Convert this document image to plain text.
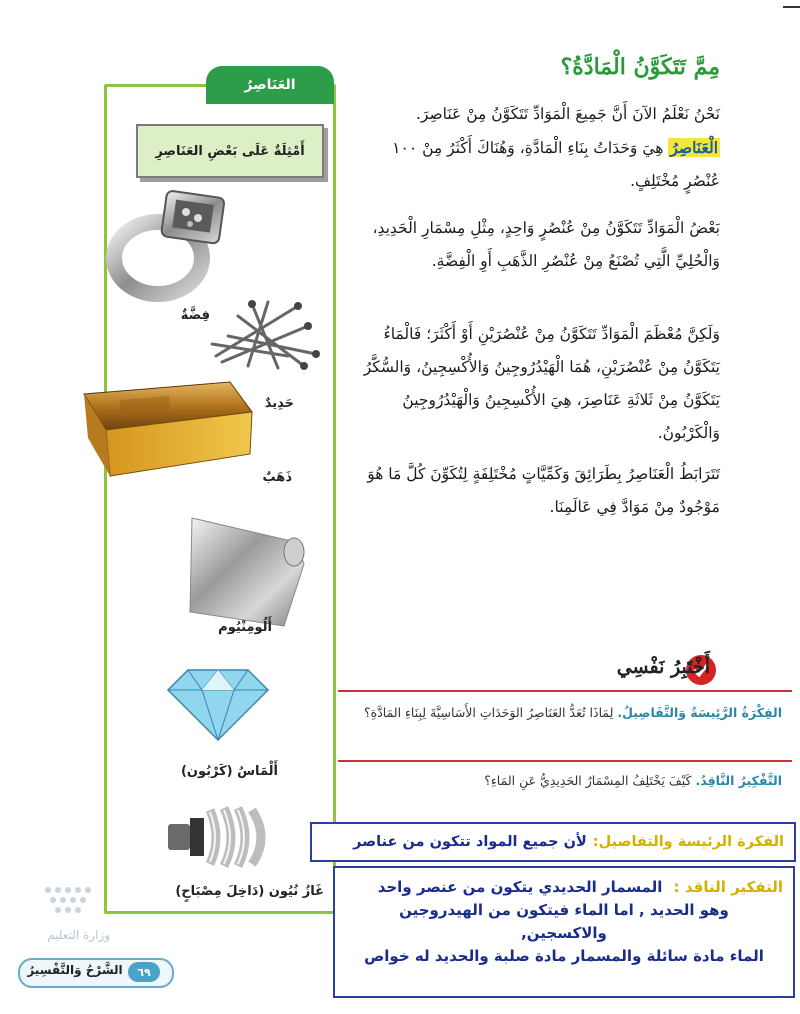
مِمَّ تَتَكَوَّنُ الْمَادَّةُ؟
نَحْنُ نَعْلَمُ الآنَ أَنَّ جَمِيعَ الْمَوَادِّ تَتَكَوَّنُ مِنْ عَنَاصِرَ. الْعَنَاصِرُ هِيَ وَحَدَاتُ بِنَاءِ الْمَادَّةِ، وَهُنَاكَ أَكْثَرُ مِنْ ١٠٠ عُنْصُرٍ مُخْتَلِفٍ.
بَعْضُ الْمَوَادِّ تَتَكَوَّنُ مِنْ عُنْصُرٍ وَاحِدٍ، مِثْلِ مِسْمَارِ الْحَدِيدِ، وَالْحُلِيِّ الَّتِي تُصْنَعُ مِنْ عُنْصُرِ الذَّهَبِ أَوِ الْفِضَّةِ.
وَلَكِنَّ مُعْظَمَ الْمَوَادِّ تَتَكَوَّنُ مِنْ عُنْصُرَيْنِ أَوْ أَكْثَرَ؛ فَالْمَاءُ يَتَكَوَّنُ مِنْ عُنْصُرَيْنِ، هُمَا الْهَيْدُرُوجِينُ وَالأُكْسِجِينُ، وَالسُّكَّرُ يَتَكَوَّنُ مِنْ ثَلاثَةِ عَنَاصِرَ، هِيَ الأُكْسِجِينُ وَالْهَيْدُرُوجِينُ وَالْكَرْبُونُ.
تَتَرَابَطُ الْعَنَاصِرُ بِطَرَائِقَ وَكَمِّيَّاتٍ مُخْتَلِفَةٍ لِتُكَوِّنَ كُلَّ مَا هُوَ مَوْجُودٌ مِنْ مَوَادَّ فِي عَالَمِنَا.
العَنَاصِرُ
أَمْثِلَةٌ عَلَى بَعْضِ العَنَاصِرِ
فِضَّةٌ
حَدِيدٌ
ذَهَبٌ
أَلُومِنْيُوم
أَلْمَاسُ (كَرْبُون)
غَازُ نُيُون (دَاخِلَ مِصْبَاحٍ)
أَخْتَبِرُ نَفْسِي
الفِكْرَةُ الرَّئِيسَةُ وَالتَّفَاصِيلُ. لِمَاذَا تُعَدُّ العَنَاصِرُ الوَحَدَاتِ الأَسَاسِيَّةَ لِبِنَاءِ المَادَّةِ؟
التَّفْكِيرُ النَّاقِدُ. كَيْفَ يَخْتَلِفُ المِسْمَارُ الحَدِيدِيُّ عَنِ المَاءِ؟
الفكرة الرئيسة والتفاصيل:
لأن جميع المواد تتكون من عناصر
التفكير الناقد : المسمار الحديدي يتكون من عنصر واحد
وهو الحديد , اما الماء فيتكون من الهيدروجين
والاكسجين,
الماء مادة سائلة والمسمار مادة صلبة والحديد له خواص
وزارة التعليم
الشَّرْحُ وَالتَّفْسِيرُ	٦٩
